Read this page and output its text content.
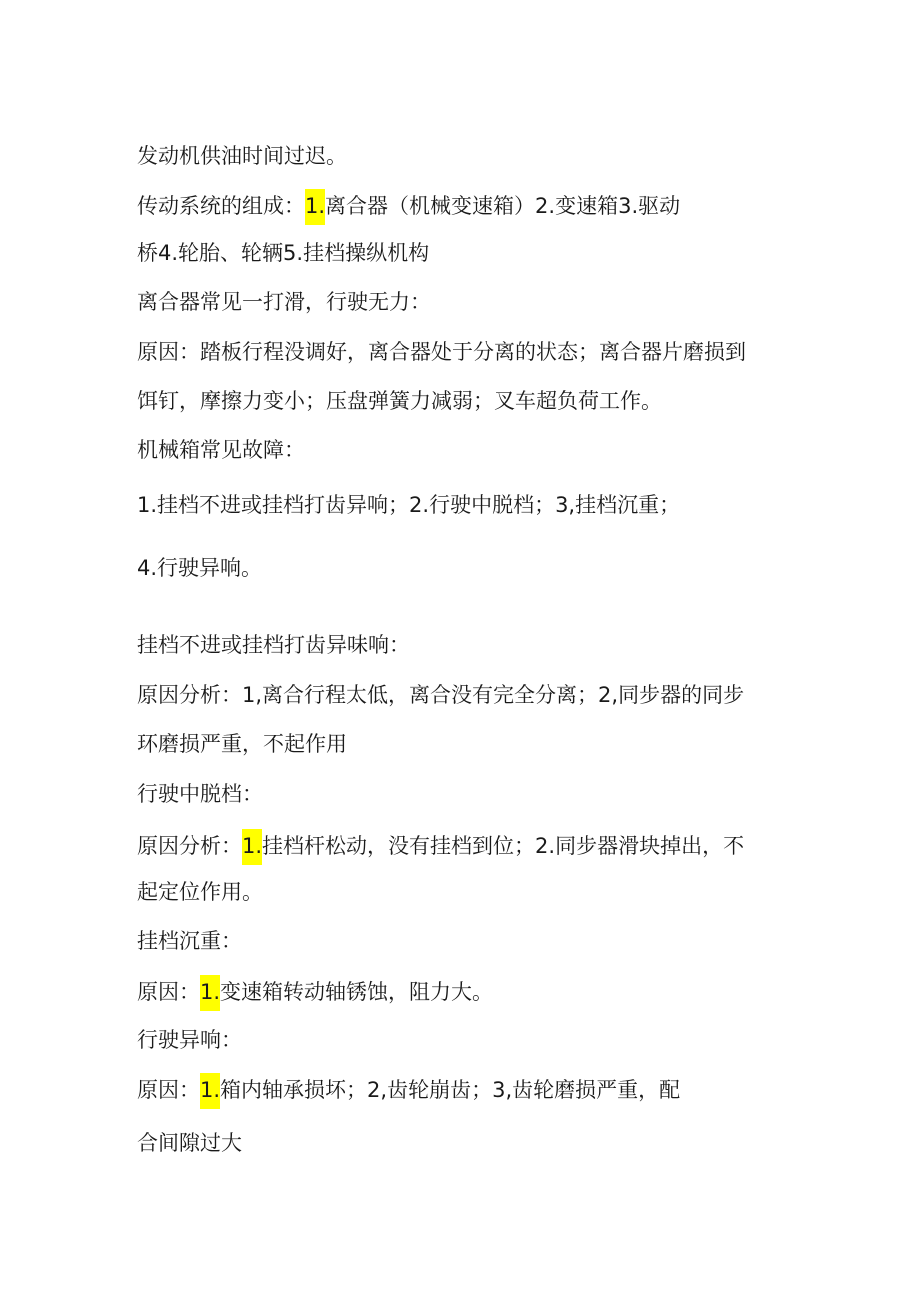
发动机供油时间过迟。
传动系统的组成：1.离合器（机械变速箱）2.变速箱3.驱动
桥4.轮胎、轮辆5.挂档操纵机构
离合器常见一打滑，行驶无力：
原因：踏板行程没调好，离合器处于分离的状态；离合器片磨损到
饵钉，摩擦力变小；压盘弹簧力减弱；叉车超负荷工作。
机械箱常见故障：
1.挂档不进或挂档打齿异响；2.行驶中脱档；3,挂档沉重；
4.行驶异响。
挂档不进或挂档打齿异味响：
原因分析：1,离合行程太低，离合没有完全分离；2,同步器的同步
环磨损严重，不起作用
行驶中脱档：
原因分析：1.挂档杆松动，没有挂档到位；2.同步器滑块掉出，不
起定位作用。
挂档沉重：
原因：1.变速箱转动轴锈蚀，阻力大。
行驶异响：
原因：1.箱内轴承损坏；2,齿轮崩齿；3,齿轮磨损严重，配
合间隙过大
